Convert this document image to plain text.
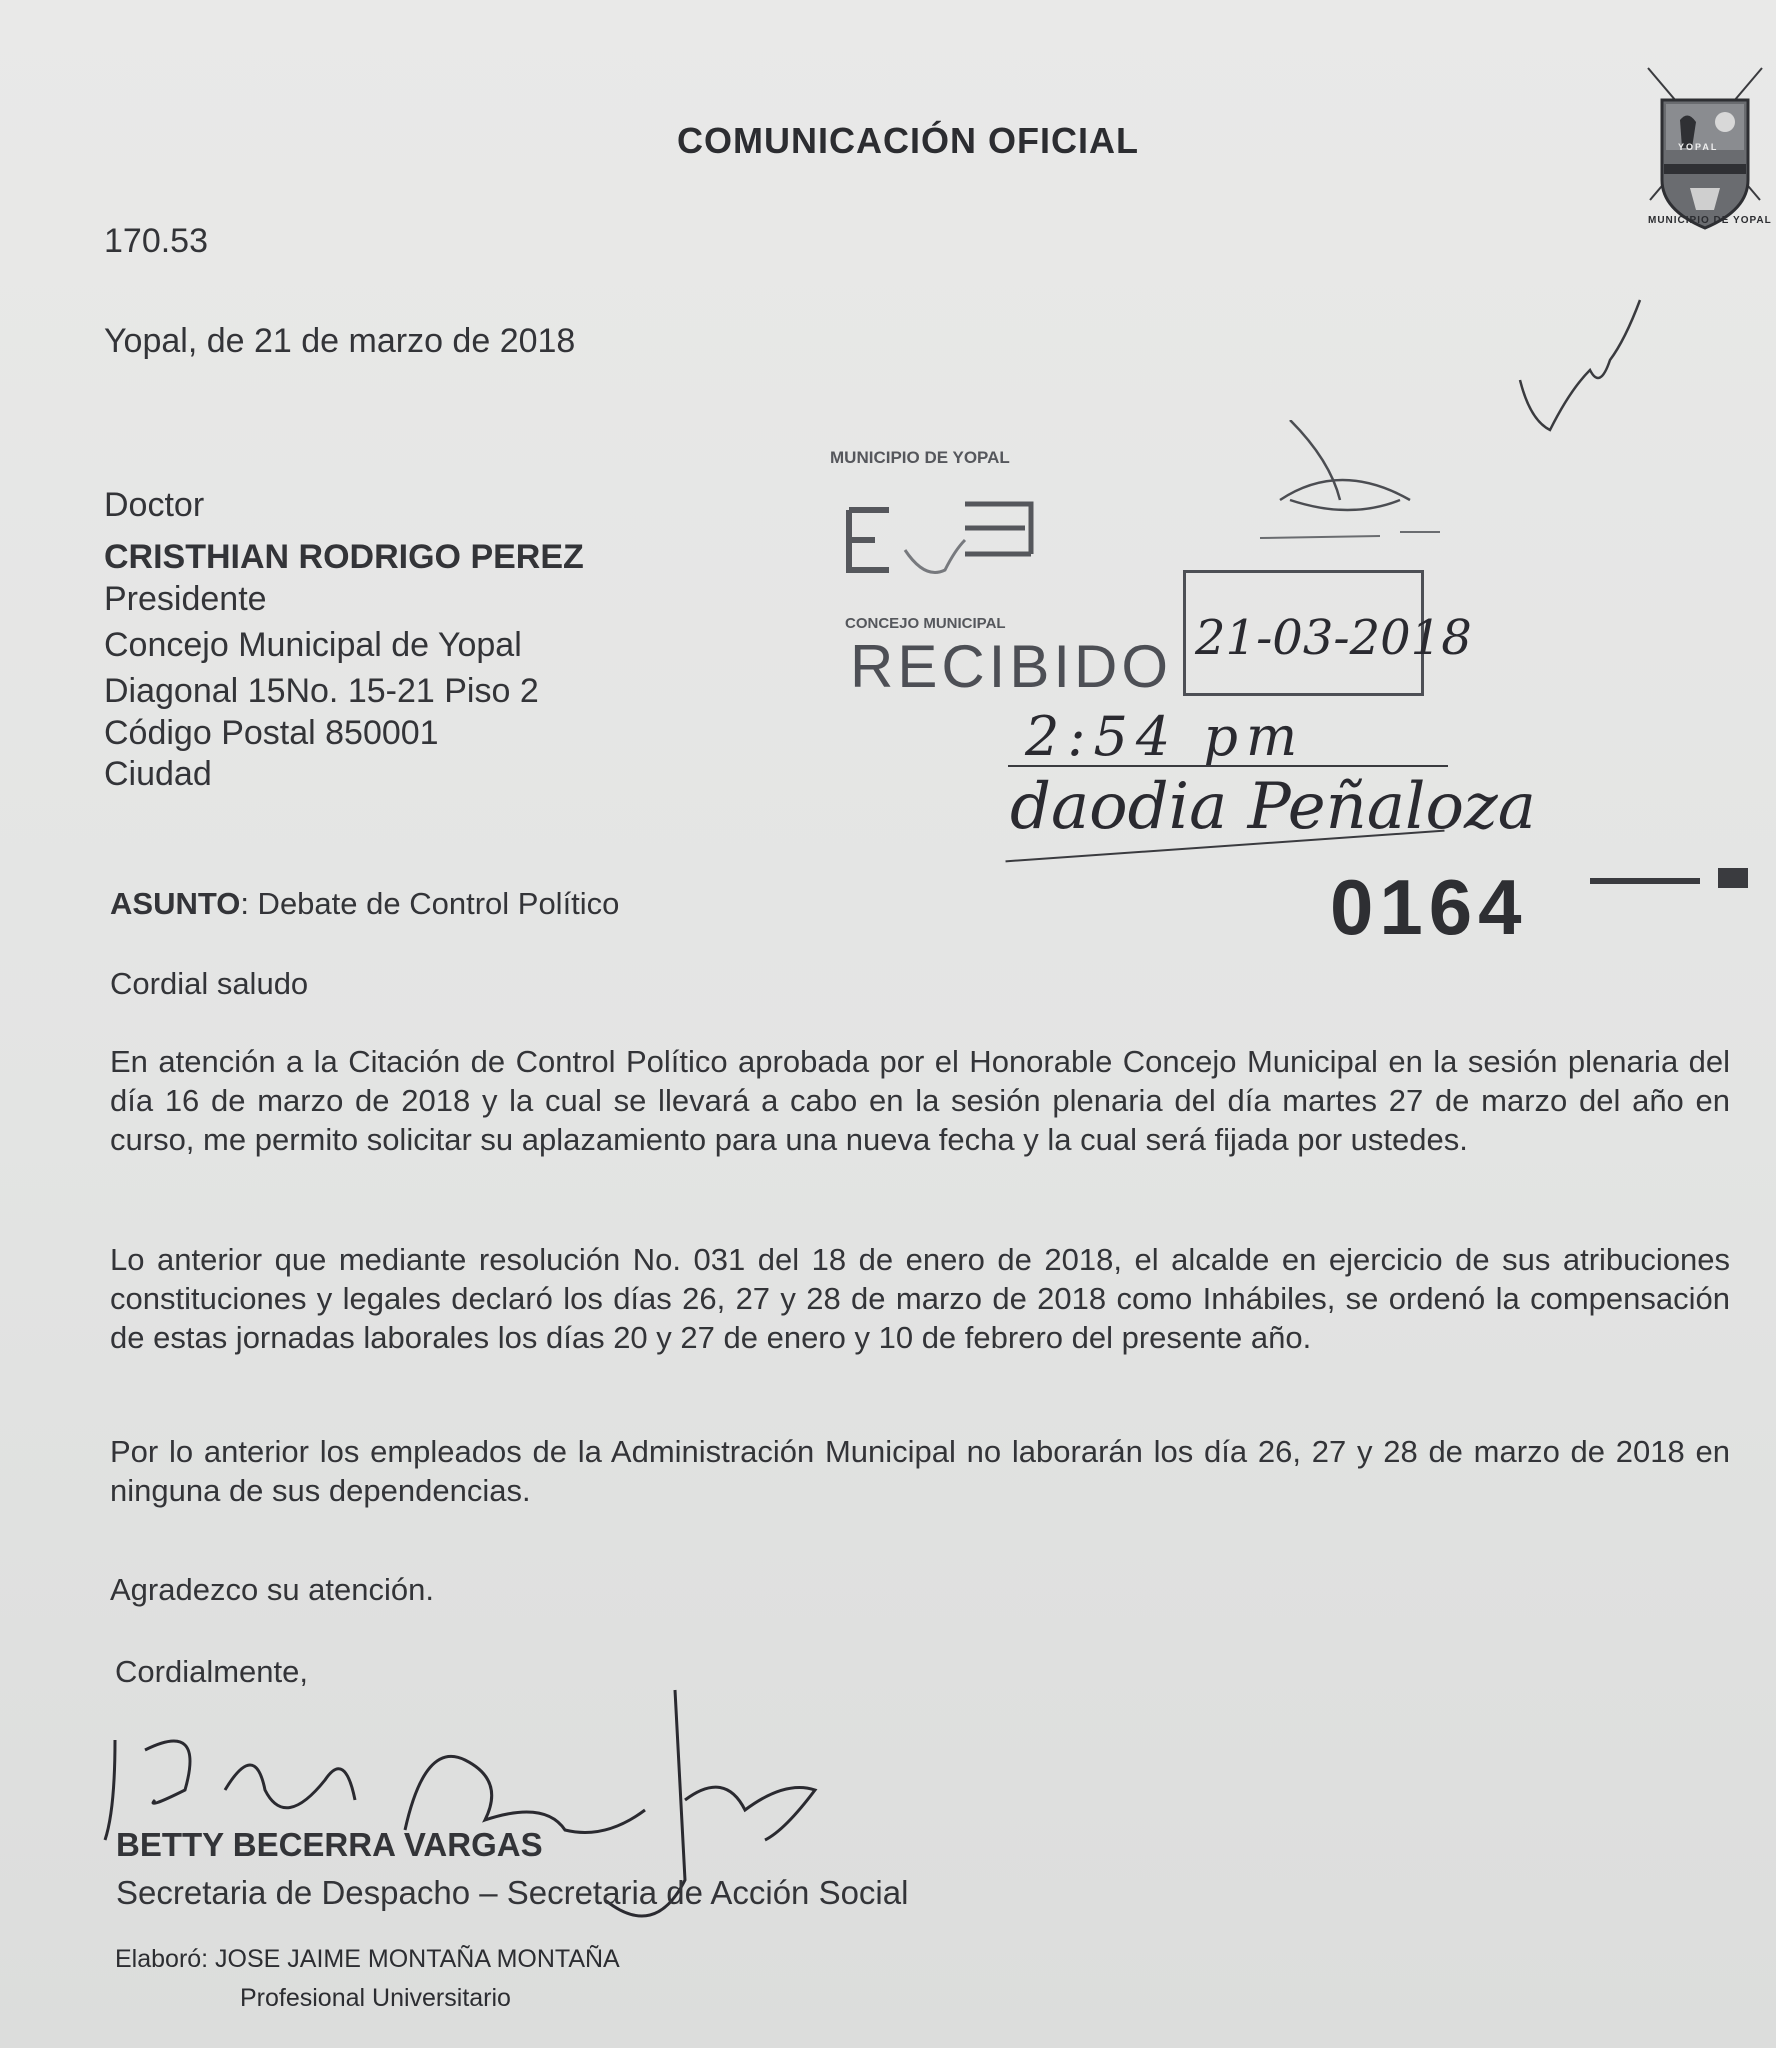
YOPAL
MUNICIPIO DE YOPAL
COMUNICACIÓN OFICIAL
170.53
Yopal, de 21 de marzo de 2018
Doctor
CRISTHIAN RODRIGO PEREZ
Presidente
Concejo Municipal de Yopal
Diagonal 15No. 15-21 Piso 2
Código Postal 850001
Ciudad
MUNICIPIO DE YOPAL
CONCEJO MUNICIPAL
RECIBIDO 21-03-2018
2:54 pm
daodia Peñaloza
0164
ASUNTO: Debate de Control Político
Cordial saludo
En atención a la Citación de Control Político aprobada por el Honorable Concejo Municipal en la sesión plenaria del día 16 de marzo de 2018 y la cual se llevará a cabo en la sesión plenaria del día martes 27 de marzo del año en curso, me permito solicitar su aplazamiento para una nueva fecha y la cual será fijada por ustedes.
Lo anterior que mediante resolución No. 031 del 18 de enero de 2018, el alcalde en ejercicio de sus atribuciones constituciones y legales declaró los días 26, 27 y 28 de marzo de 2018 como Inhábiles, se ordenó la compensación de estas jornadas laborales los días 20 y 27 de enero y 10 de febrero del presente año.
Por lo anterior los empleados de la Administración Municipal no laborarán los día 26, 27 y 28 de marzo de 2018 en ninguna de sus dependencias.
Agradezco su atención.
Cordialmente,
BETTY BECERRA VARGAS
Secretaria de Despacho – Secretaria de Acción Social
Elaboró: JOSE JAIME MONTAÑA MONTAÑA
Profesional Universitario
